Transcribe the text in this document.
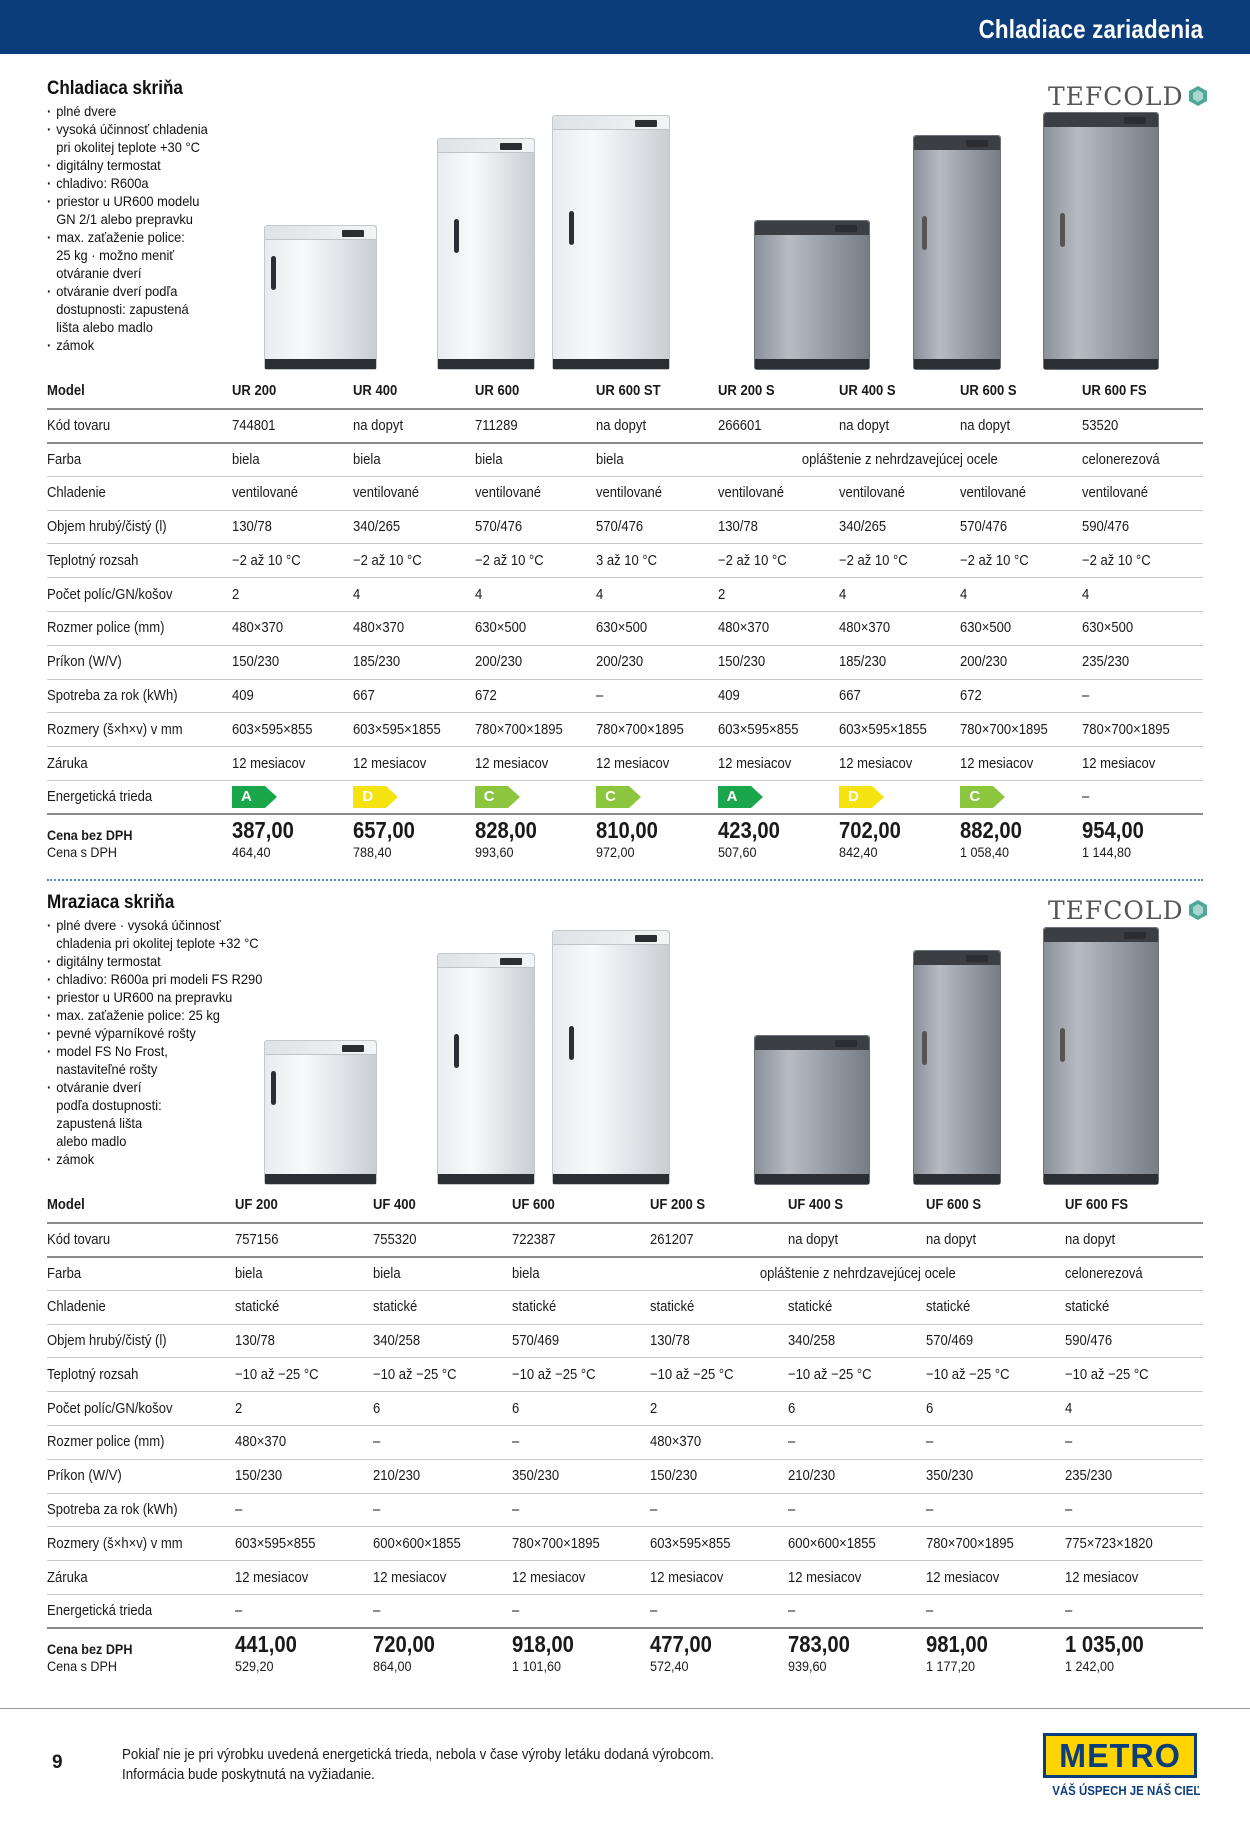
Chladiace zariadenia
Chladiaca skriňa
· plné dvere
· vysoká účinnosť chladenia
pri okolitej teplote +30 °C
· digitálny termostat
· chladivo: R600a
· priestor u UR600 modelu
GN 2/1 alebo prepravku
· max. zaťaženie police:
25 kg · možno meniť
otváranie dverí
· otváranie dverí podľa
dostupnosti: zapustená
lišta alebo madlo
· zámok
TEFCOLD
Model	UR 200	UR 400	UR 600	UR 600 ST	UR 200 S	UR 400 S	UR 600 S	UR 600 FS
Kód tovaru	744801	na dopyt	711289	na dopyt	266601	na dopyt	na dopyt	53520
Farba	biela	biela	biela	biela	opláštenie z nehrdzavejúcej ocele			celonerezová
Chladenie	ventilované	ventilované	ventilované	ventilované	ventilované	ventilované	ventilované	ventilované
Objem hrubý/čistý (l)	130/78	340/265	570/476	570/476	130/78	340/265	570/476	590/476
Teplotný rozsah	−2 až 10 °C	−2 až 10 °C	−2 až 10 °C	3 až 10 °C	−2 až 10 °C	−2 až 10 °C	−2 až 10 °C	−2 až 10 °C
Počet políc/GN/košov	2	4	4	4	2	4	4	4
Rozmer police (mm)	480×370	480×370	630×500	630×500	480×370	480×370	630×500	630×500
Príkon (W/V)	150/230	185/230	200/230	200/230	150/230	185/230	200/230	235/230
Spotreba za rok (kWh)	409	667	672	–	409	667	672	–
Rozmery (š×h×v) v mm	603×595×855	603×595×1855	780×700×1895	780×700×1895	603×595×855	603×595×1855	780×700×1895	780×700×1895
Záruka	12 mesiacov	12 mesiacov	12 mesiacov	12 mesiacov	12 mesiacov	12 mesiacov	12 mesiacov	12 mesiacov
Energetická trieda	A	D	C	C	A	D	C	–
Cena bez DPH	387,00	657,00	828,00	810,00	423,00	702,00	882,00	954,00
Cena s DPH	464,40	788,40	993,60	972,00	507,60	842,40	1 058,40	1 144,80
Mraziaca skriňa
· plné dvere · vysoká účinnosť
chladenia pri okolitej teplote +32 °C
· digitálny termostat
· chladivo: R600a pri modeli FS R290
· priestor u UR600 na prepravku
· max. zaťaženie police: 25 kg
· pevné výparníkové rošty
· model FS No Frost,
nastaviteľné rošty
· otváranie dverí
podľa dostupnosti:
zapustená lišta
alebo madlo
· zámok
TEFCOLD
Model	UF 200	UF 400	UF 600	UF 200 S	UF 400 S	UF 600 S	UF 600 FS
Kód tovaru	757156	755320	722387	261207	na dopyt	na dopyt	na dopyt
Farba	biela	biela	biela	opláštenie z nehrdzavejúcej ocele			celonerezová
Chladenie	statické	statické	statické	statické	statické	statické	statické
Objem hrubý/čistý (l)	130/78	340/258	570/469	130/78	340/258	570/469	590/476
Teplotný rozsah	−10 až −25 °C	−10 až −25 °C	−10 až −25 °C	−10 až −25 °C	−10 až −25 °C	−10 až −25 °C	−10 až −25 °C
Počet políc/GN/košov	2	6	6	2	6	6	4
Rozmer police (mm)	480×370	–	–	480×370	–	–	–
Príkon (W/V)	150/230	210/230	350/230	150/230	210/230	350/230	235/230
Spotreba za rok (kWh)	–	–	–	–	–	–	–
Rozmery (š×h×v) v mm	603×595×855	600×600×1855	780×700×1895	603×595×855	600×600×1855	780×700×1895	775×723×1820
Záruka	12 mesiacov	12 mesiacov	12 mesiacov	12 mesiacov	12 mesiacov	12 mesiacov	12 mesiacov
Energetická trieda	–	–	–	–	–	–	–
Cena bez DPH	441,00	720,00	918,00	477,00	783,00	981,00	1 035,00
Cena s DPH	529,20	864,00	1 101,60	572,40	939,60	1 177,20	1 242,00
9	Pokiaľ nie je pri výrobku uvedená energetická trieda, nebola v čase výroby letáku dodaná výrobcom.
Informácia bude poskytnutá na vyžiadanie.
METRO
VÁŠ ÚSPECH JE NÁŠ CIEĽ
